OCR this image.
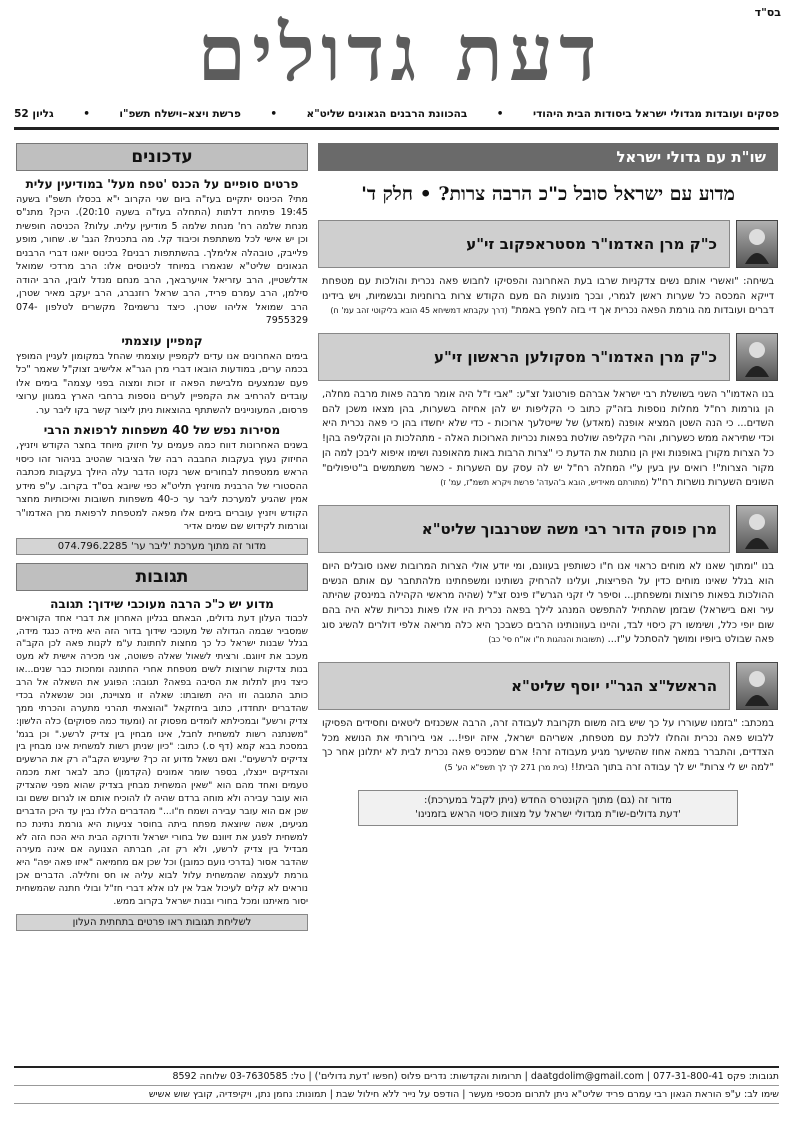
בס"ד
דעת גדולים
פסקים ועובדות מגדולי ישראל ביסודות הבית היהודי
•
בהכוונת הרבנים הגאונים שליט"א
•
פרשת ויצא–וישלח תשפ"ו
•
גליון 52
עדכונים
פרטים סופיים על הכנס 'טפח מעל' במודיעין עלית
מתי? הכינוס יתקיים בעז"ה ביום שני הקרוב י"א בכסלו תשפ"ו בשעה 19:45 פתיחת דלתות (התחלה בעז"ה בשעה 20:10). היכן? מתנ"ס מנחת שלמה רח' מנחת שלמה 5 מודיעין עלית. עלות? הכניסה חופשית וכן יש אישי לכל משתתפת וכיבוד קל. מה בתכנית? הגב' ש. שחור, מופע פלייבק, טובהלה אלימלך. בהשתתפות רבנים? בכינוס יואנו דברי הרבנים הגאונים שליט"א שנאמרו במיוחד לכינוסים אלו: הרב מרדכי שמואל אדלשטיין, הרב עזריאל אויערבאך, הרב מנחם מנדל לובין, הרב יהודה סילמן, הרב עמרם פריד, הרב שראל רוזנברג, הרב יעקב מאיר שטרן, הרב שמואל אליהו שטרן. כיצד נרשמים? מקשרים לטלפון 074-7955329
קמפיין עוצמתי
בימים האחרונים אנו עדים לקמפיין עוצמתי שהחל במקומון לעניין המופץ בכמה ערים, במודעות הובאו דברי מרן הגר"א אלישיב זצוק"ל שאמר "כל פעם שנמצעים מלבישת הפאה זו זכות ומצוה בפני עצמה" בימים אלו עובדים להרחיב את הקמפיין לערים נוספות ברחבי הארץ במגוון ערוצי פרסום, המעוניינים להשתתף בהוצאות ניתן ליצור קשר בקו ליבר ער.
מסירות נפש של 40 משפחות לרפואת הרבי
בשנים האחרונות דווח כמה פעמים על חיזוק מיוחד בחצר הקודש ויזניץ, החיזוק נעוץ בעקבות החבבה רבה של הציבור שהטיב בניהור זהו כיסוי הראש ממטפחת לבחורים אשר נקטו הדבר עלה היולך בעקבות מכתבה ההסטורי של הרבנית מויזניץ תליט"א כפי שיובא בס"ד בקרוב. ע"פ מידע אמין שהגיע למערכת ליבר ער כ-40 משפחות חשובות ואיכותיות מחצר הקודש ויזניץ עוברים בימים אלו מפאה למטפחת לרפואת מרן האדמו"ר וגורמות לקידוש שם שמים אדיר
מדור זה מתוך מערכת 'ליבר ער' 074.796.2285
תגובות
מדוע יש כ"כ הרבה מעוכבי שידוך: תגובה
לכבוד העלון דעת גדולים, הבאתם בגליון האחרון את דברי אחד הקוראים שמסביר שבמה הגדולה של מעוכבי שידוך בדור הזה היא מידה כנגד מידה, בגלל שבנות ישראל כל כך מחצות לחתונת ע"מ לקנות פאה לכן הקב"ה מעכב את זיווגם. ורציתי לשאול שאלה פשוטה, אני מכירה אישית לא מעט בנות צדיקות שרוצות לשים מטפחת אחרי החתונה ומחכות כבר שנים...או כיצד ניתן לתלות את הסיבה בפאה? תגובה: הפוגע את השאלה אל הרב כותב התגובה וזו היה תשובתו: שאלה זו מצויינת, ונוכ שנשאלה בכדי שהדברים יתחדדו, כתוב ביחזקאל "והוצאתי תהרני מתערה והכרתי ממך צדיק ורשע" ובמכילתא לומדים מפסוק זה (ומעוד כמה פסוקים) כלה הלשון: "משנתנה רשות למשחית לחבל, אינו מבחין בין צדיק לרשע." וכן בגמ' במסכת בבא קמא (דף ס.) כתוב: "כיון שניתן רשות למשחית אינו מבחין בין צדיקים לרשעים". ואם נשאל מדוע זה כך? שיעניש הקב"ה רק את הרשעים והצדיקים יינצלו, בספר שומר אמונים (הקדמון) כתב לבאר זאת מכמה טעמים ואחד מהם הוא "שאין המשחית מבחין בצדיק שהוא מפני שהצדיק הוא עובר עבירה ולא מוחה ברדם שהיה לו להוכיח אותם או לגרום ששם ובו שכן אם הוא עובר עבירה ושמח ח"ו..." מהדברים הללו נבין עד היכן הדברים מגיעים, אשה שיוצאת מפתח ביתה בחוסר צניעות היא גורמת נתינת כח למשחית לפגע את זיוונם של בחורי ישראל ודרוקה הבית היא הכח הזה לא מבדיל בין צדיק לרשע, ולא רק זה, חברתה הצנועה אם אינה מעירה שהדבר אסור (בדרכי נועם כמובן) וכל שכן אם מחמיאה "איזו פאה יפה" היא גורמת לעצמה שהמשחית עלול לבוא עליה או חס וחלילה. הדברים אכן נוראים לא קלים לעיכול אבל אין לנו אלא דברי חז"ל ובולי חתנה שהמשחית יסור מאיתנו ומכל בחורי ובנות ישראל בקרוב ממש.
לשליחת תגובות ראו פרטים בתחתית העלון
שו"ת עם גדולי ישראל
מדוע עם ישראל סובל כ"כ הרבה צרות? • חלק ד'
כ"ק מרן האדמו"ר מסטראפקוב זי"ע
בשיחה: "ואשרי אותם נשים צדקניות שרבו בעת האחרונה והפסיקו לחבוש פאה נכרית והולכות עם מטפחת דייקא המכסה כל שערות ראשן לגמרי, ובכך מונעות הם מעם הקודש צרות ברוחניות ובגשמיות, ויש בידינו דברים ועובדות מה גורמת הפאה נכרית אך די בזה לחפץ באמת" (דרך עקבתא דמשיחא 45 הובא בליקוטי זהב עמ' ח)
כ"ק מרן האדמו"ר מסקולען הראשון זי"ע
בנו האדמו"ר השני בשושלת רבי ישראל אברהם פורטוגל זצ"ע: "אבי ז"ל היה אומר מרבה פאות מרבה מחלה, הן גורמות רח"ל מחלות נוספות בזה"ק כתוב כי הקליפות יש להן אחיזה בשערות, בהן מצאו משכן להם השדים... כי הנה השטן המציא אופנה (מאדע) של שייטלעך ארוכות - כדי שלא יחשדו בהן כי פאה נכרית היא וכדי שתיראה ממש כשערות, והרי הקליפה שולטת בפאות נכריות הארוכות האלה - מתהלכות הן והקליפה בהן! כל הצרות מקורן באופנות ואין הן נותנות את הדעת כי "צרות הרבות באות מהאופנה ושימו איפוא ליבכן למה הן מקור הצרות"! רואים עין בעין ע"י המחלה רח"ל יש לה עסק עם השערות - כאשר משתמשים ב"טיפולים" השונים השערות נושרות רח"ל (מתורתם מאידיש, הובא ב'העדה' פרשת ויקרא תשמ"ז, עמ' ז)
מרן פוסק הדור רבי משה שטרנבוך שליט"א
בנו "ומתוך שאנו לא מוחים כראוי אנו ח"ו כשותפין בעוונם, ומי יודע אולי הצרות המרובות שאנו סובלים היום הוא בגלל שאינו מוחים כדין על הפריצות, ועלינו להרחיק נשותינו ומשפחתינו מלהתחבר עם אותם הנשים ההולכות בפאות פרוצות ומשפחתן... וסיפר לי זקני הגרש"ז פינס זצ"ל (שהיה מראשי הקהילה במינסק שהיתה עיר ואם בישראל) שבזמן שהתחיל להתפשט המנהג לילך בפאה נכרית היו אלו פאות נכריות שלא היה בהם שום יופי כלל, ושימשו רק כיסוי לבד, והיינו בעוונותינו הרבים כשבכך היא כלה מריאה אלפי דולרים להשיג סוג פאה שבולט ביופיו ומושך להסתכל ע"ז... (תשובות והנהגות ח"ו או"ח סי' כב)
הראשל"צ הגר"י יוסף שליט"א
במכתב: "בזמנו שעוררו על כך שיש בזה משום תקרובת לעבודה זרה, הרבה אשכנזים ליטאים וחסידים הפסיקו ללבוש פאה נכרית והחלו ללכת עם מטפחת, אשריהם ישראל, איזה יופי!... אני בירורתי את הנושא מכל הצדדים, והתברר במאה אחוז שהשיער מגיע מעבודה זרה! ארם שמכניס פאה נכרית לבית לא יתלונן אחר כך "למה יש לי צרות" יש לך עבודה זרה בתוך הבית!! (בית מרן 271 לך לך תשפ"א הע' 5)
מדור זה (גם) מתוך הקונטרס החדש (ניתן לקבל במערכת):
'דעת גדולים-שו"ת מגדולי ישראל על מצוות כיסוי הראש בזמנינו'
תגובות: פקס 077-31-800-41 | daatgdolim@gmail.com | תרומות והקדשות: נדרים פלוס (חפשו 'דעת גדולים') | טל: 03-7630585 שלוחה 8592
שימו לב: ע"פ הוראת הגאון רבי עמרם פריד שליט"א ניתן לתרום מכספי מעשר | הודפס על נייר ללא חילול שבת | תמונות: נחמן נתן, ויקיפדיה, קובץ שוש אשיש
